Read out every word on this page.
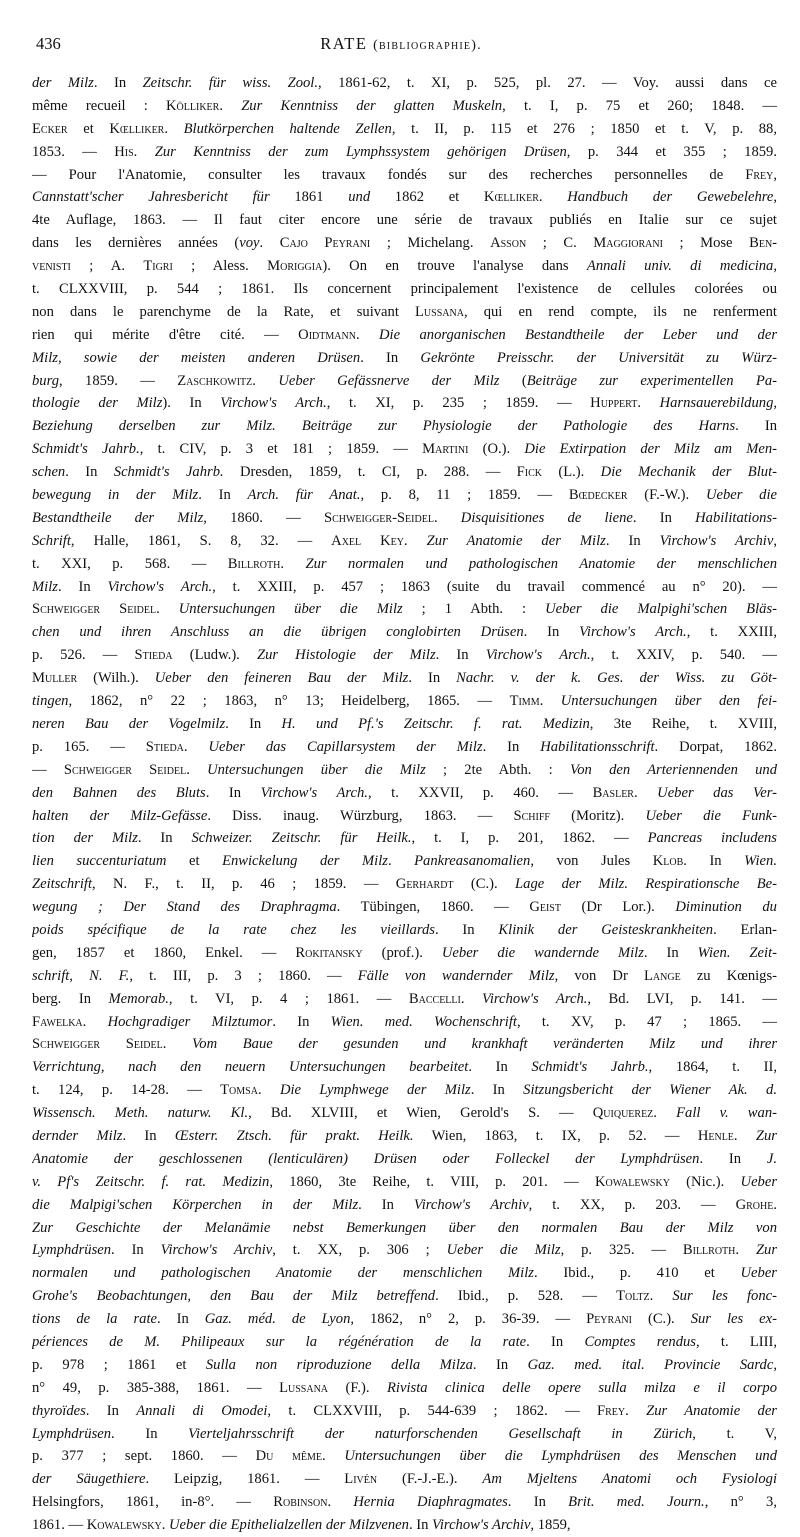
436	RATE (bibliographie).
der Milz. In Zeitschr. für wiss. Zool., 1861-62, t. XI, p. 525, pl. 27. — Voy. aussi dans ce
même recueil : Kölliker. Zur Kenntniss der glatten Muskeln, t. I, p. 75 et 260; 1848. —
Ecker et Kœlliker. Blutkörperchen haltende Zellen, t. II, p. 115 et 276 ; 1850 et t. V, p. 88,
1853. — His. Zur Kenntniss der zum Lymphssystem gehörigen Drüsen, p. 344 et 355 ; 1859.
— Pour l'Anatomie, consulter les travaux fondés sur des recherches personnelles de Frey,
Cannstatt'scher Jahresbericht für 1861 und 1862 et Kœlliker. Handbuch der Gewebelehre,
4te Auflage, 1863. — Il faut citer encore une série de travaux publiés en Italie sur ce sujet
dans les dernières années (voy. Cajo Peyrani ; Michelang. Asson ; C. Maggiorani ; Mose Ben-
venisti ; A. Tigri ; Aless. Moriggia). On en trouve l'analyse dans Annali univ. di medicina,
t. CLXXVIII, p. 544 ; 1861. Ils concernent principalement l'existence de cellules colorées ou
non dans le parenchyme de la Rate, et suivant Lussana, qui en rend compte, ils ne renferment
rien qui mérite d'être cité. — Oidtmann. Die anorganischen Bestandtheile der Leber und der
Milz, sowie der meisten anderen Drüsen. In Gekrönte Preisschr. der Universität zu Würz-
burg, 1859. — Zaschkowitz. Ueber Gefässnerve der Milz (Beiträge zur experimentellen Pa-
thologie der Milz). In Virchow's Arch., t. XI, p. 235 ; 1859. — Huppert. Harnsauerebildung,
Beziehung derselben zur Milz. Beiträge zur Physiologie der Pathologie des Harns. In
Schmidt's Jahrb., t. CIV, p. 3 et 181 ; 1859. — Martini (O.). Die Extirpation der Milz am Men-
schen. In Schmidt's Jahrb. Dresden, 1859, t. CI, p. 288. — Fick (L.). Die Mechanik der Blut-
bewegung in der Milz. In Arch. für Anat., p. 8, 11 ; 1859. — Bœdecker (F.-W.). Ueber die
Bestandtheile der Milz, 1860. — Schweigger-Seidel. Disquisitiones de liene. In Habilitations-
Schrift, Halle, 1861, S. 8, 32. — Axel Key. Zur Anatomie der Milz. In Virchow's Archiv,
t. XXI, p. 568. — Billroth. Zur normalen und pathologischen Anatomie der menschlichen
Milz. In Virchow's Arch., t. XXIII, p. 457 ; 1863 (suite du travail commencé au n° 20). —
Schweigger Seidel. Untersuchungen über die Milz ; 1 Abth. : Ueber die Malpighi'schen Bläs-
chen und ihren Anschluss an die übrigen conglobirten Drüsen. In Virchow's Arch., t. XXIII,
p. 526. — Stieda (Ludw.). Zur Histologie der Milz. In Virchow's Arch., t. XXIV, p. 540. —
Muller (Wilh.). Ueber den feineren Bau der Milz. In Nachr. v. der k. Ges. der Wiss. zu Göt-
tingen, 1862, n° 22 ; 1863, n° 13; Heidelberg, 1865. — Timm. Untersuchungen über den fei-
neren Bau der Vogelmilz. In H. und Pf.'s Zeitschr. f. rat. Medizin, 3te Reihe, t. XVIII,
p. 165. — Stieda. Ueber das Capillarsystem der Milz. In Habilitationsschrift. Dorpat, 1862.
— Schweigger Seidel. Untersuchungen über die Milz ; 2te Abth. : Von den Arteriennenden und
den Bahnen des Bluts. In Virchow's Arch., t. XXVII, p. 460. — Basler. Ueber das Ver-
halten der Milz-Gefässe. Diss. inaug. Würzburg, 1863. — Schiff (Moritz). Ueber die Funk-
tion der Milz. In Schweizer. Zeitschr. für Heilk., t. I, p. 201, 1862. — Pancreas includens
lien succenturiatum et Enwickelung der Milz. Pankreasanomalien, von Jules Klob. In Wien.
Zeitschrift, N. F., t. II, p. 46 ; 1859. — Gerhardt (C.). Lage der Milz. Respirationsche Be-
wegung ; Der Stand des Draphragma. Tübingen, 1860. — Geist (Dr Lor.). Diminution du
poids spécifique de la rate chez les vieillards. In Klinik der Geisteskrankheiten. Erlan-
gen, 1857 et 1860, Enkel. — Rokitansky (prof.). Ueber die wandernde Milz. In Wien. Zeit-
schrift, N. F., t. III, p. 3 ; 1860. — Fälle von wandernder Milz, von Dr Lange zu Kœnigs-
berg. In Memorab., t. VI, p. 4 ; 1861. — Baccelli. Virchow's Arch., Bd. LVI, p. 141. —
Fawelka. Hochgradiger Milztumor. In Wien. med. Wochenschrift, t. XV, p. 47 ; 1865. —
Schweigger Seidel. Vom Baue der gesunden und krankhaft veränderten Milz und ihrer
Verrichtung, nach den neuern Untersuchungen bearbeitet. In Schmidt's Jahrb., 1864, t. II,
t. 124, p. 14-28. — Tomsa. Die Lymphwege der Milz. In Sitzungsbericht der Wiener Ak. d.
Wissensch. Meth. naturw. Kl., Bd. XLVIII, et Wien, Gerold's S. — Quiquerez. Fall v. wan-
dernder Milz. In Œsterr. Ztsch. für prakt. Heilk. Wien, 1863, t. IX, p. 52. — Henle. Zur
Anatomie der geschlossenen (lenticulären) Drüsen oder Folleckel der Lymphdrüsen. In J.
v. Pf's Zeitschr. f. rat. Medizin, 1860, 3te Reihe, t. VIII, p. 201. — Kowalewsky (Nic.). Ueber
die Malpigi'schen Körperchen in der Milz. In Virchow's Archiv, t. XX, p. 203. — Grohe.
Zur Geschichte der Melanämie nebst Bemerkungen über den normalen Bau der Milz von
Lymphdrüsen. In Virchow's Archiv, t. XX, p. 306 ; Ueber die Milz, p. 325. — Billroth. Zur
normalen und pathologischen Anatomie der menschlichen Milz. Ibid., p. 410 et Ueber
Grohe's Beobachtungen, den Bau der Milz betreffend. Ibid., p. 528. — Toltz. Sur les fonc-
tions de la rate. In Gaz. méd. de Lyon, 1862, n° 2, p. 36-39. — Peyrani (C.). Sur les ex-
périences de M. Philipeaux sur la régénération de la rate. In Comptes rendus, t. LIII,
p. 978 ; 1861 et Sulla non riproduzione della Milza. In Gaz. med. ital. Provincie Sardc,
n° 49, p. 385-388, 1861. — Lussana (F.). Rivista clinica delle opere sulla milza e il corpo
thyroïdes. In Annali di Omodei, t. CLXXVIII, p. 544-639 ; 1862. — Frey. Zur Anatomie der
Lymphdrüsen. In Vierteljahrsschrift der naturforschenden Gesellschaft in Zürich, t. V,
p. 377 ; sept. 1860. — Du même. Untersuchungen über die Lymphdrüsen des Menschen und
der Säugethiere. Leipzig, 1861. — Livén (F.-J.-E.). Am Mjeltens Anatomi och Fysiologi
Helsingfors, 1861, in-8°. — Robinson. Hernia Diaphragmates. In Brit. med. Journ., n° 3,
1861. — Kowalewsky. Ueber die Epithelialzellen der Milzvenen. In Virchow's Archiv, 1859,
